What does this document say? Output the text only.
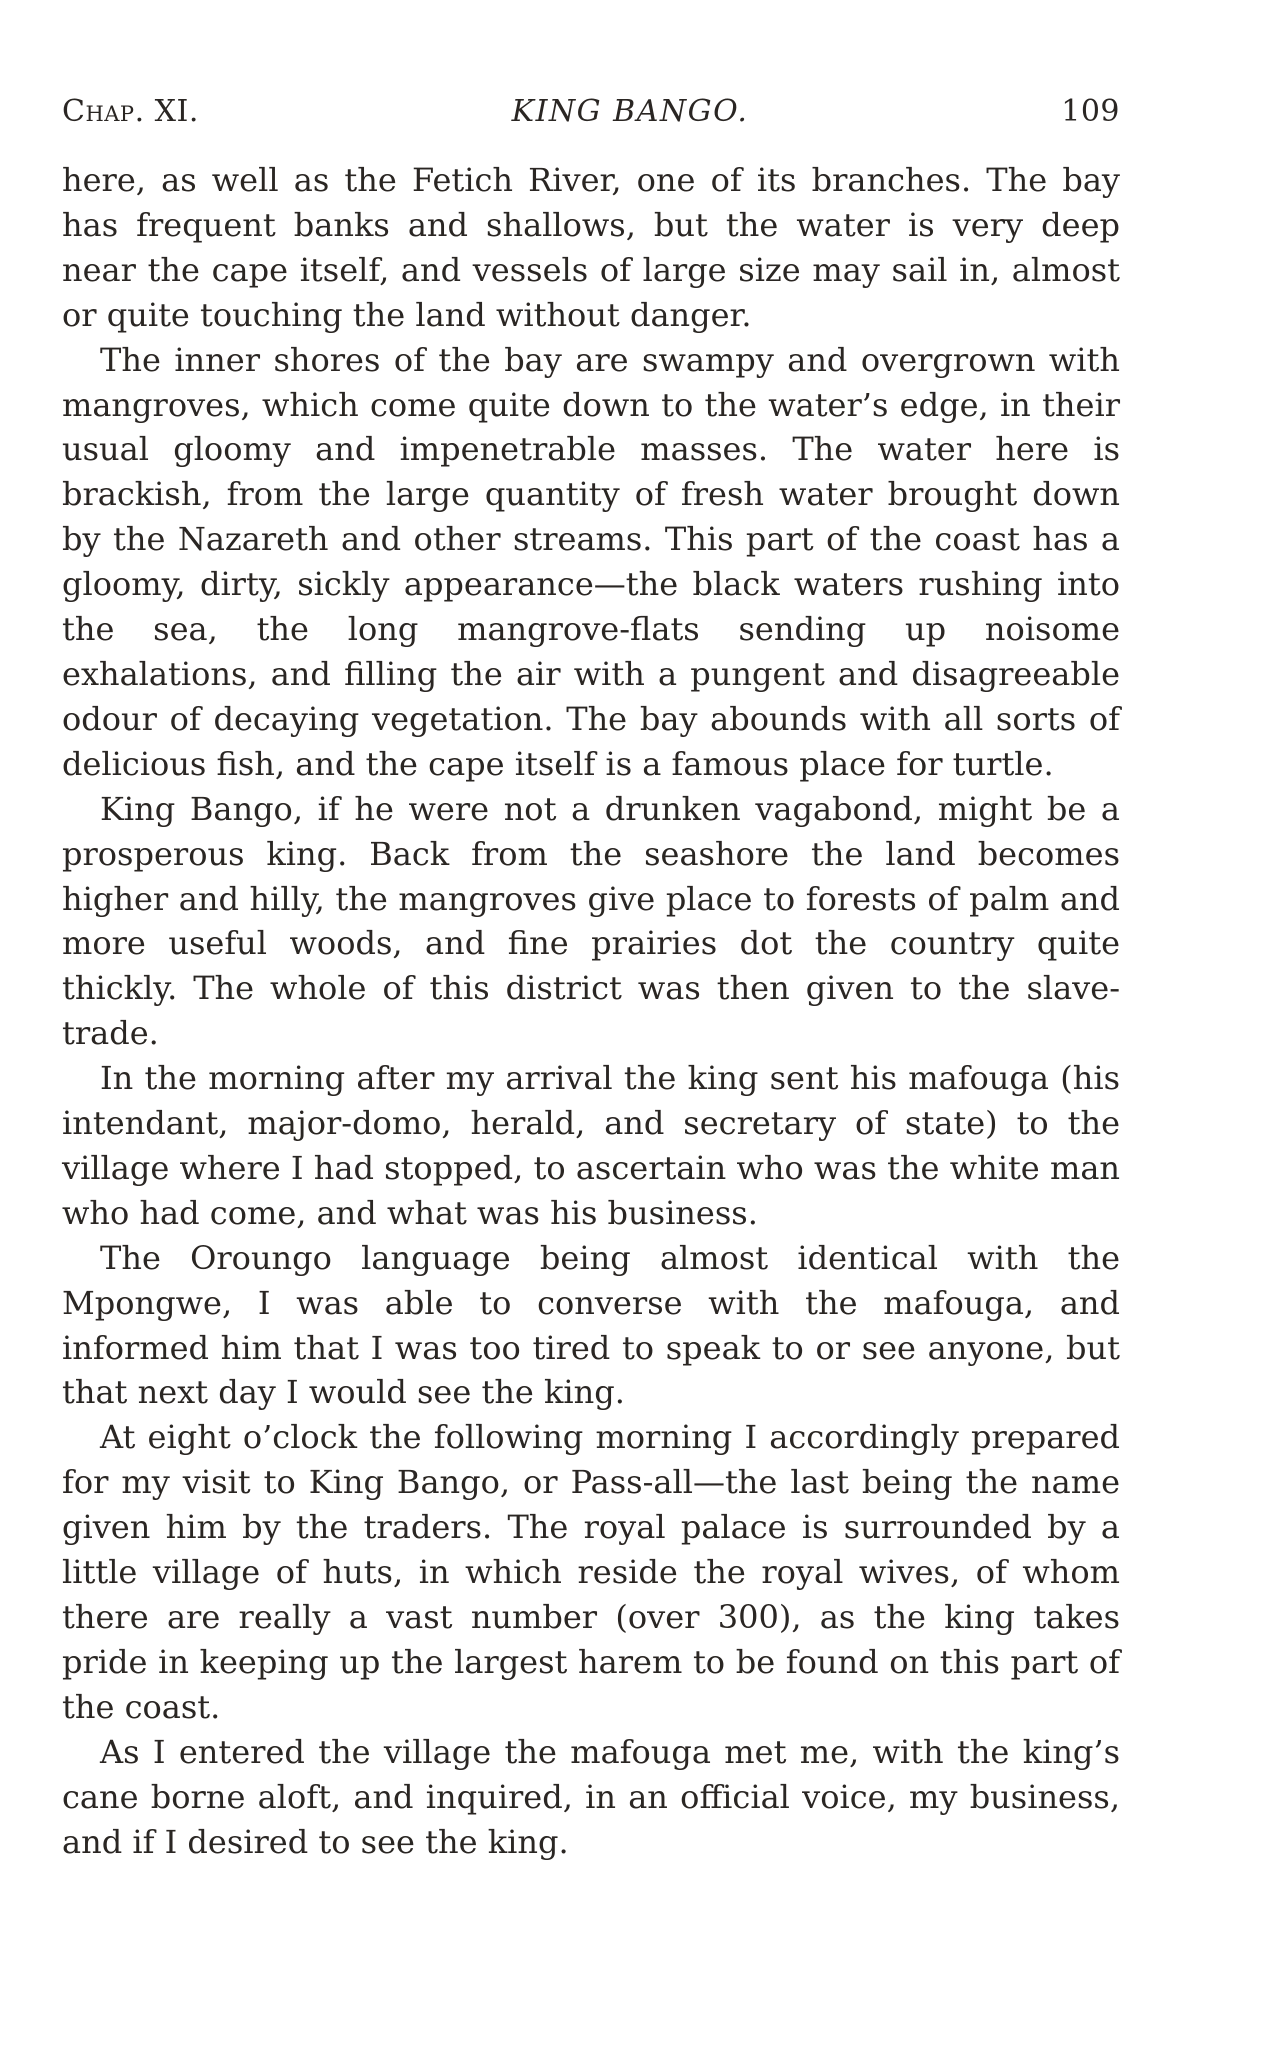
Chap. XI.	KING BANGO.	109

here, as well as the Fetich River, one of its branches. The bay has frequent banks and shallows, but the water is very deep near the cape itself, and vessels of large size may sail in, almost or quite touching the land without danger.

The inner shores of the bay are swampy and overgrown with mangroves, which come quite down to the water’s edge, in their usual gloomy and impenetrable masses. The water here is brackish, from the large quantity of fresh water brought down by the Nazareth and other streams. This part of the coast has a gloomy, dirty, sickly appearance—the black waters rushing into the sea, the long mangrove-flats sending up noisome exhalations, and filling the air with a pungent and disagreeable odour of decaying vegetation. The bay abounds with all sorts of delicious fish, and the cape itself is a famous place for turtle.

King Bango, if he were not a drunken vagabond, might be a prosperous king. Back from the seashore the land becomes higher and hilly, the mangroves give place to forests of palm and more useful woods, and fine prairies dot the country quite thickly. The whole of this district was then given to the slave-trade.

In the morning after my arrival the king sent his mafouga (his intendant, major-domo, herald, and secretary of state) to the village where I had stopped, to ascertain who was the white man who had come, and what was his business.

The Oroungo language being almost identical with the Mpongwe, I was able to converse with the mafouga, and informed him that I was too tired to speak to or see anyone, but that next day I would see the king.

At eight o’clock the following morning I accordingly prepared for my visit to King Bango, or Pass-all—the last being the name given him by the traders. The royal palace is surrounded by a little village of huts, in which reside the royal wives, of whom there are really a vast number (over 300), as the king takes pride in keeping up the largest harem to be found on this part of the coast.

As I entered the village the mafouga met me, with the king’s cane borne aloft, and inquired, in an official voice, my business, and if I desired to see the king.
